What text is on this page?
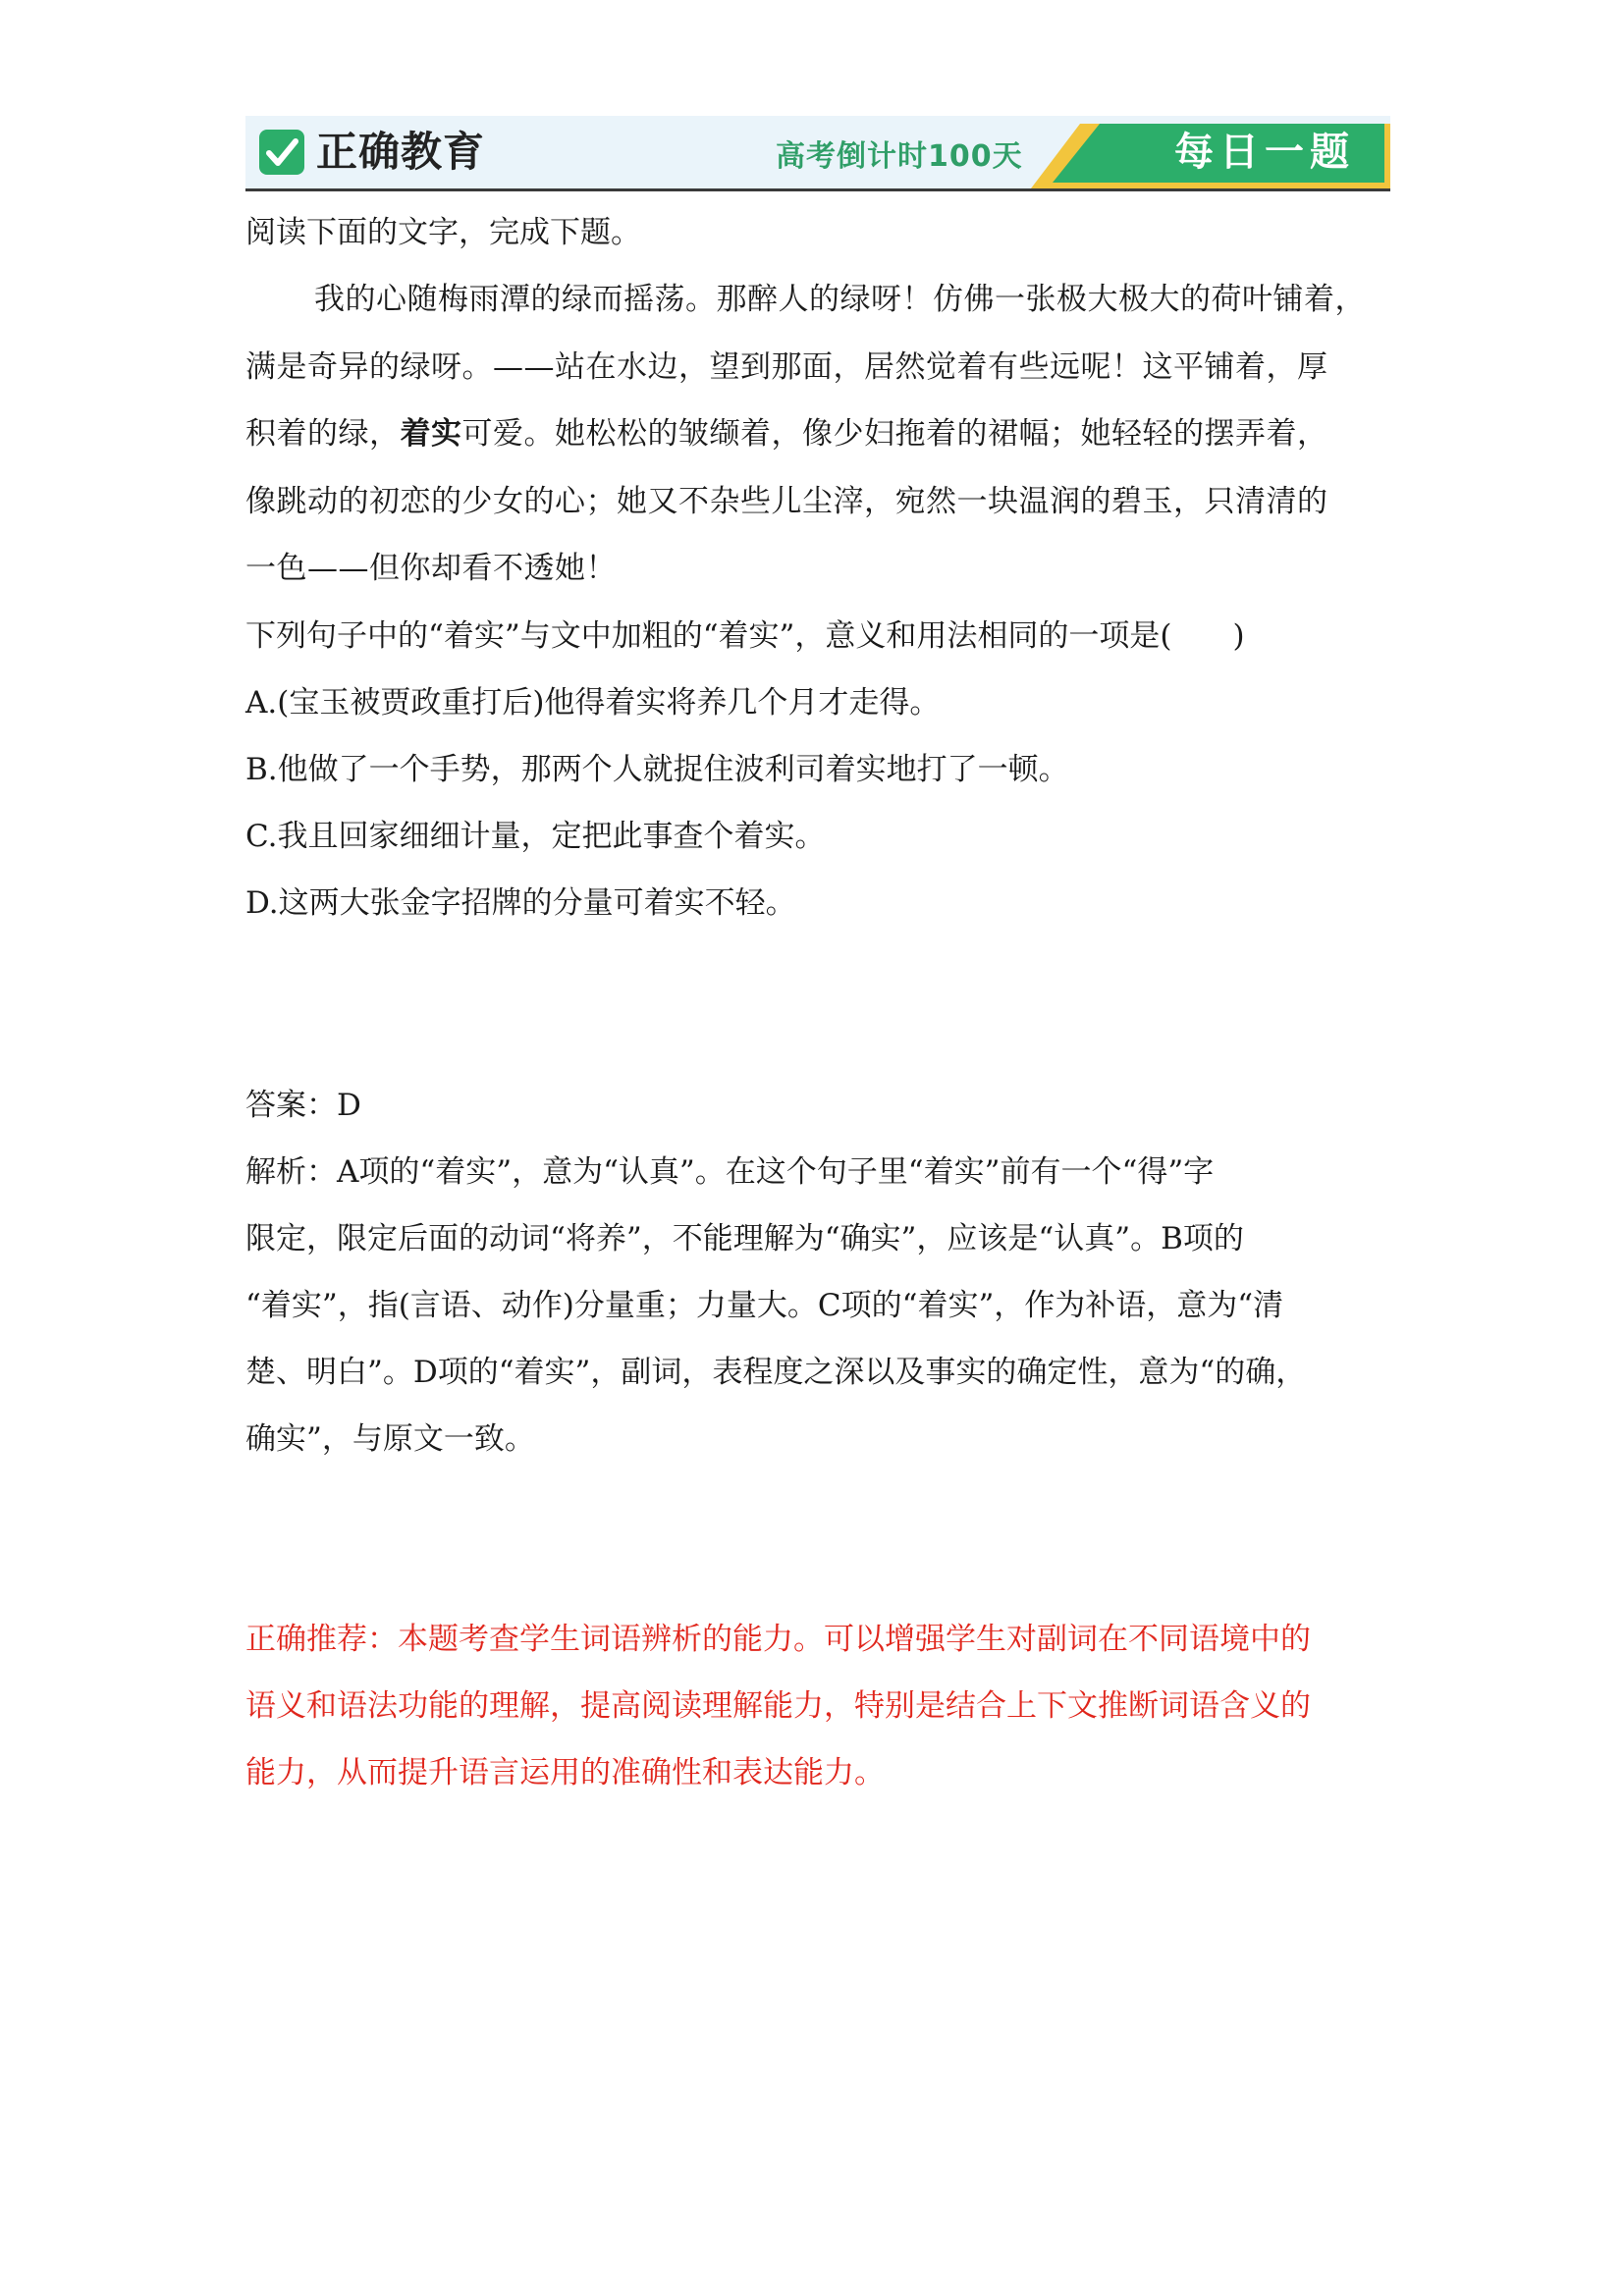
正确教育	高考倒计时100天	每日一题
阅读下面的文字，完成下题。
我的心随梅雨潭的绿而摇荡。那醉人的绿呀！仿佛一张极大极大的荷叶铺着，
满是奇异的绿呀。——站在水边，望到那面，居然觉着有些远呢！这平铺着，厚
积着的绿，着实可爱。她松松的皱缬着，像少妇拖着的裙幅；她轻轻的摆弄着，
像跳动的初恋的少女的心；她又不杂些儿尘滓，宛然一块温润的碧玉，只清清的
一色——但你却看不透她！
下列句子中的“着实”与文中加粗的“着实”，意义和用法相同的一项是(　　)
A.(宝玉被贾政重打后)他得着实将养几个月才走得。
B.他做了一个手势，那两个人就捉住波利司着实地打了一顿。
C.我且回家细细计量，定把此事查个着实。
D.这两大张金字招牌的分量可着实不轻。
答案：D
解析：A项的“着实”，意为“认真”。在这个句子里“着实”前有一个“得”字
限定，限定后面的动词“将养”，不能理解为“确实”，应该是“认真”。B项的
“着实”，指(言语、动作)分量重；力量大。C项的“着实”，作为补语，意为“清
楚、明白”。D项的“着实”，副词，表程度之深以及事实的确定性，意为“的确，
确实”，与原文一致。
正确推荐：本题考查学生词语辨析的能力。可以增强学生对副词在不同语境中的
语义和语法功能的理解，提高阅读理解能力，特别是结合上下文推断词语含义的
能力，从而提升语言运用的准确性和表达能力。
